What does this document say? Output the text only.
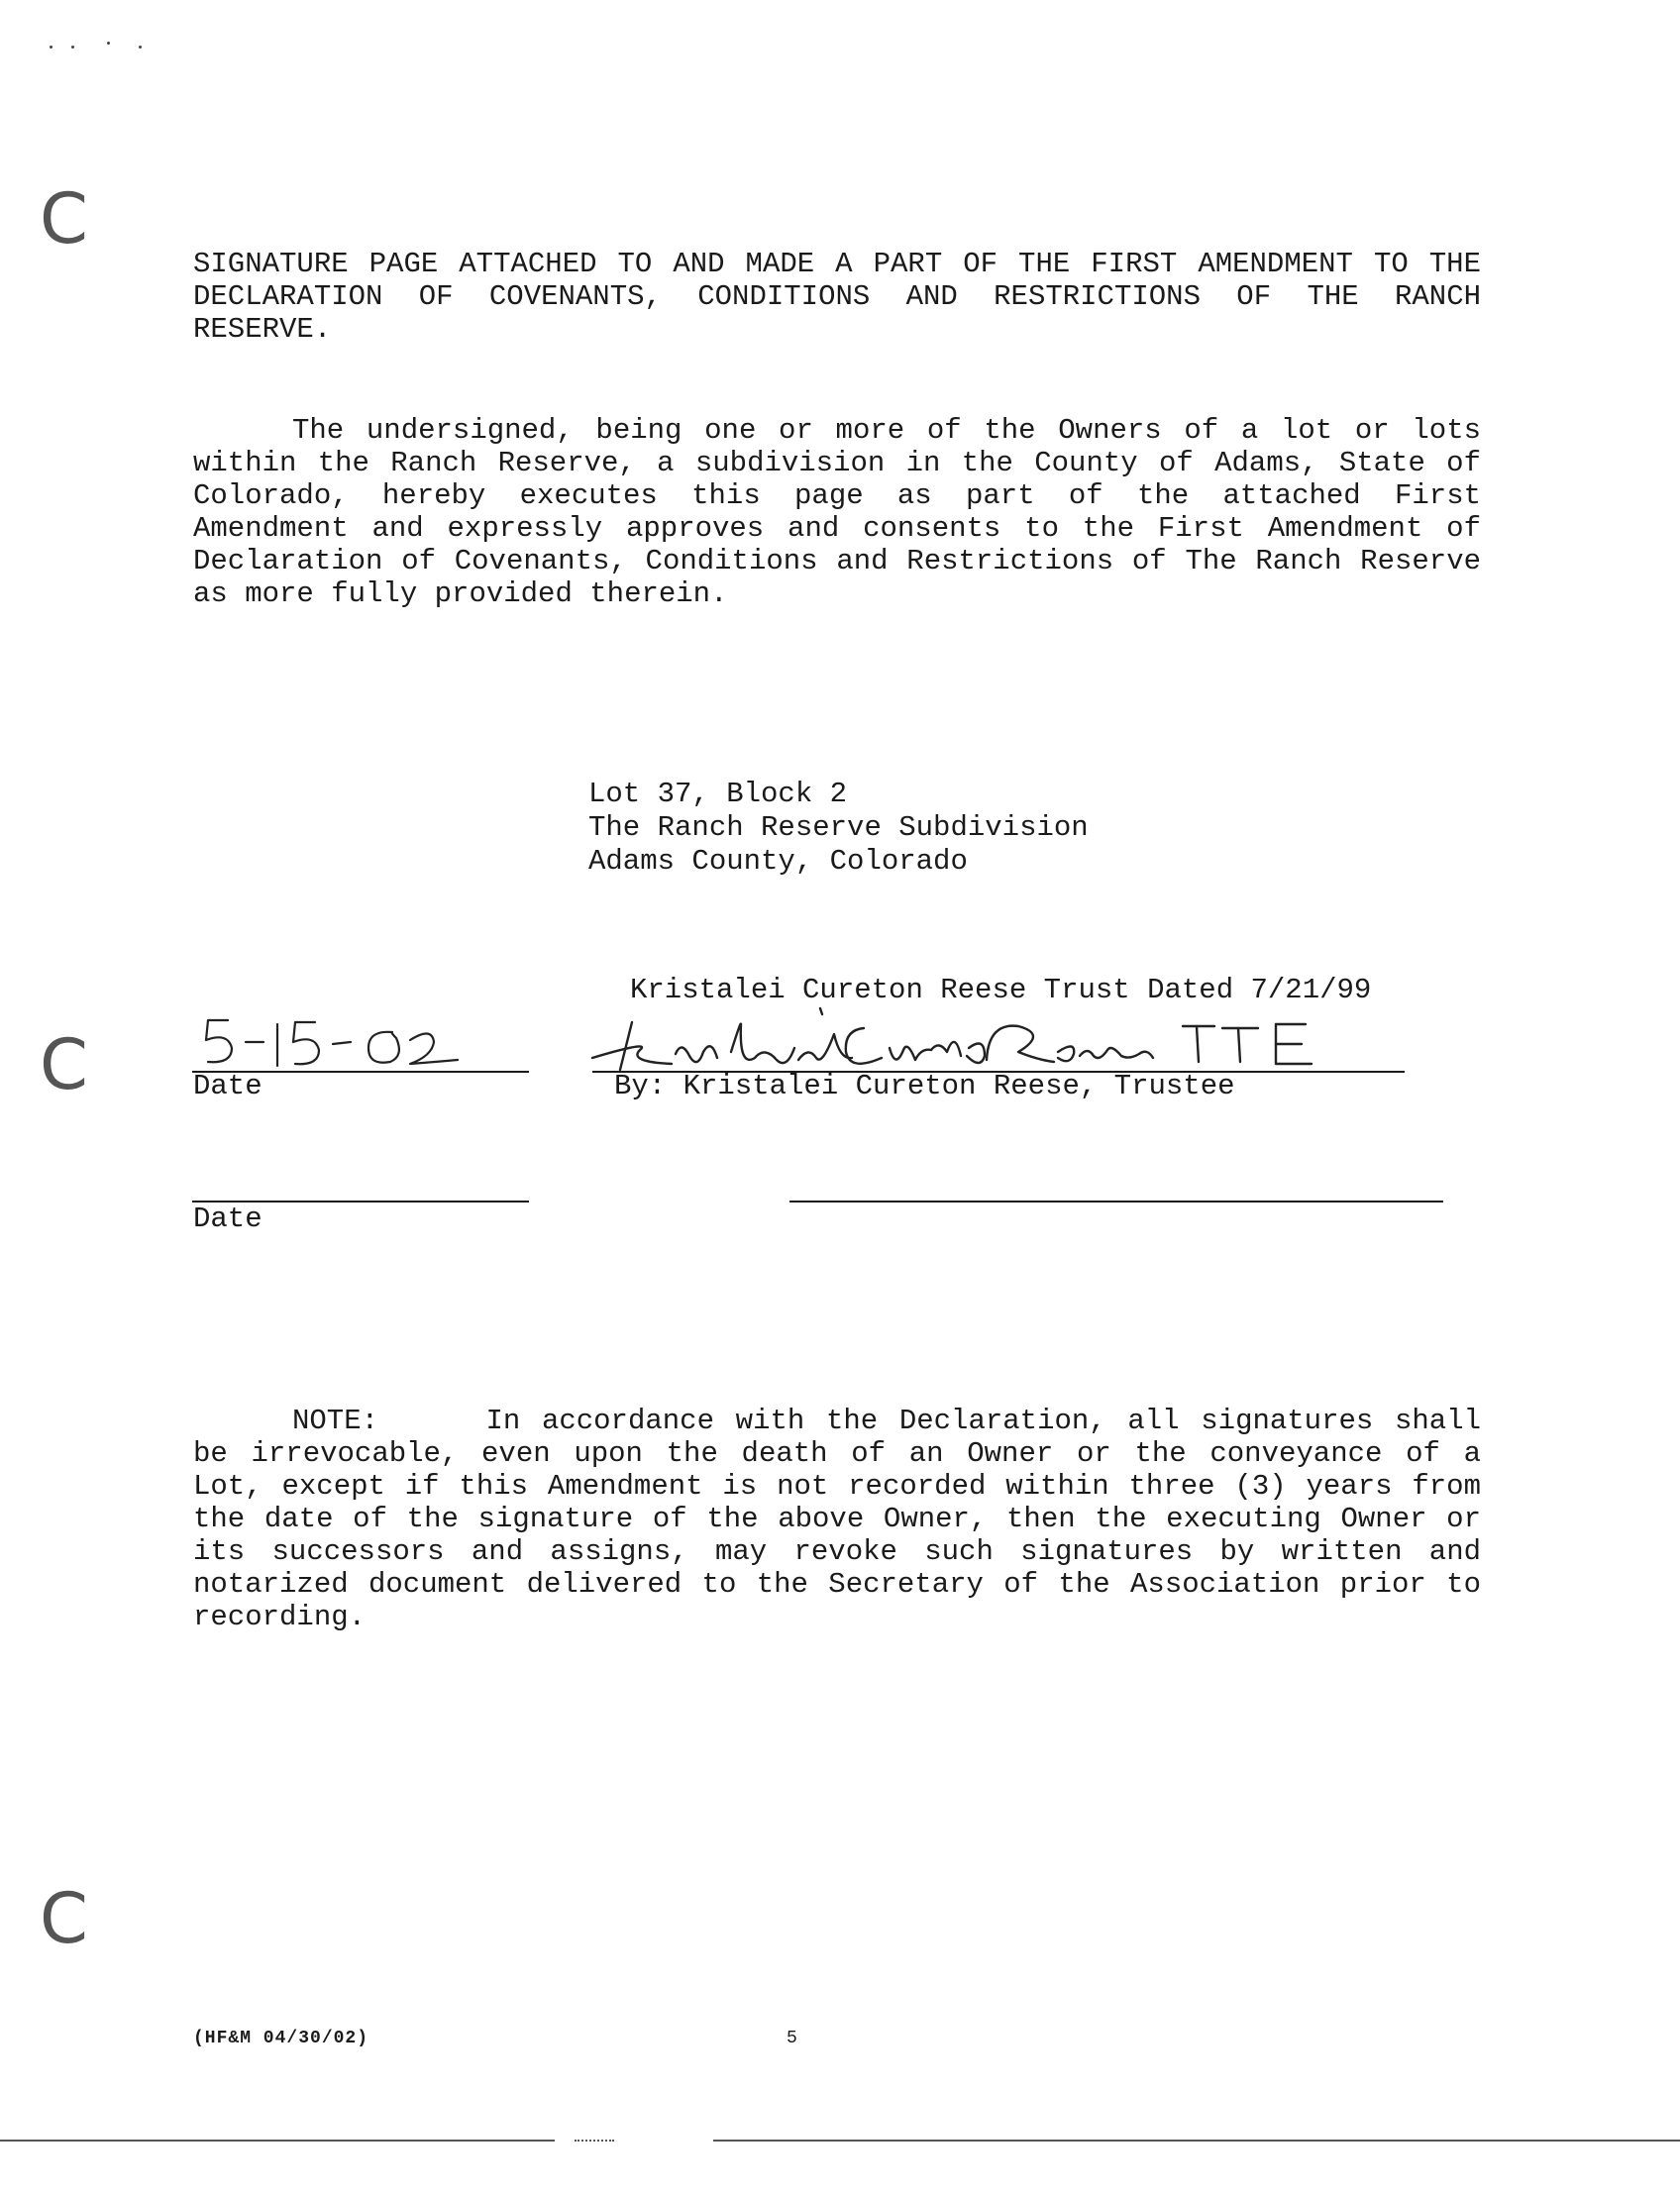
C
C
C
SIGNATURE PAGE ATTACHED TO AND MADE A PART OF THE FIRST AMENDMENT TO THE DECLARATION OF COVENANTS, CONDITIONS AND RESTRICTIONS OF THE RANCH RESERVE.

The undersigned, being one or more of the Owners of a lot or lots within the Ranch Reserve, a subdivision in the County of Adams, State of Colorado, hereby executes this page as part of the attached First Amendment and expressly approves and consents to the First Amendment of Declaration of Covenants, Conditions and Restrictions of The Ranch Reserve as more fully provided therein.

Lot 37, Block 2
The Ranch Reserve Subdivision
Adams County, Colorado
Kristalei Cureton Reese Trust Dated 7/21/99
Date	By: Kristalei Cureton Reese, Trustee
Date

NOTE:	In accordance with the Declaration, all signatures shall be irrevocable, even upon the death of an Owner or the conveyance of a Lot, except if this Amendment is not recorded within three (3) years from the date of the signature of the above Owner, then the executing Owner or its successors and assigns, may revoke such signatures by written and notarized document delivered to the Secretary of the Association prior to recording.

(HF&M 04/30/02)	5
